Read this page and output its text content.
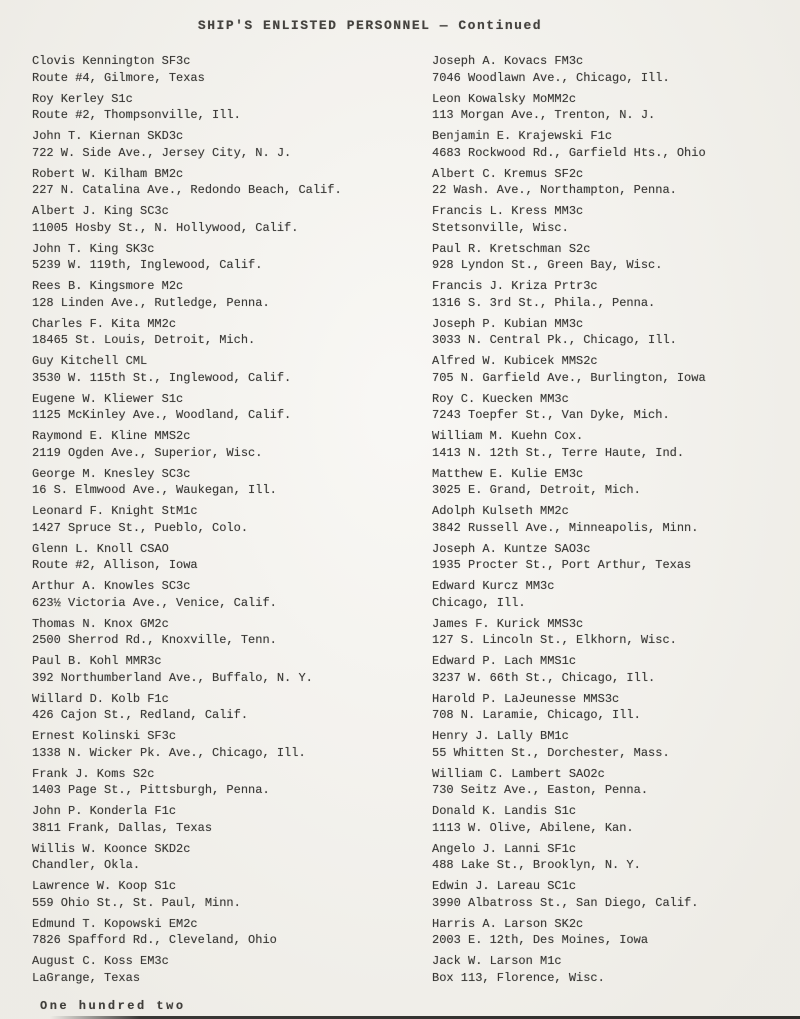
SHIP'S ENLISTED PERSONNEL — Continued
Clovis Kennington SF3c
Route #4, Gilmore, Texas
Roy Kerley S1c
Route #2, Thompsonville, Ill.
John T. Kiernan SKD3c
722 W. Side Ave., Jersey City, N. J.
Robert W. Kilham BM2c
227 N. Catalina Ave., Redondo Beach, Calif.
Albert J. King SC3c
11005 Hosby St., N. Hollywood, Calif.
John T. King SK3c
5239 W. 119th, Inglewood, Calif.
Rees B. Kingsmore M2c
128 Linden Ave., Rutledge, Penna.
Charles F. Kita MM2c
18465 St. Louis, Detroit, Mich.
Guy Kitchell CML
3530 W. 115th St., Inglewood, Calif.
Eugene W. Kliewer S1c
1125 McKinley Ave., Woodland, Calif.
Raymond E. Kline MMS2c
2119 Ogden Ave., Superior, Wisc.
George M. Knesley SC3c
16 S. Elmwood Ave., Waukegan, Ill.
Leonard F. Knight StM1c
1427 Spruce St., Pueblo, Colo.
Glenn L. Knoll CSAO
Route #2, Allison, Iowa
Arthur A. Knowles SC3c
623½ Victoria Ave., Venice, Calif.
Thomas N. Knox GM2c
2500 Sherrod Rd., Knoxville, Tenn.
Paul B. Kohl MMR3c
392 Northumberland Ave., Buffalo, N. Y.
Willard D. Kolb F1c
426 Cajon St., Redland, Calif.
Ernest Kolinski SF3c
1338 N. Wicker Pk. Ave., Chicago, Ill.
Frank J. Koms S2c
1403 Page St., Pittsburgh, Penna.
John P. Konderla F1c
3811 Frank, Dallas, Texas
Willis W. Koonce SKD2c
Chandler, Okla.
Lawrence W. Koop S1c
559 Ohio St., St. Paul, Minn.
Edmund T. Kopowski EM2c
7826 Spafford Rd., Cleveland, Ohio
August C. Koss EM3c
LaGrange, Texas
Joseph A. Kovacs FM3c
7046 Woodlawn Ave., Chicago, Ill.
Leon Kowalsky MoMM2c
113 Morgan Ave., Trenton, N. J.
Benjamin E. Krajewski F1c
4683 Rockwood Rd., Garfield Hts., Ohio
Albert C. Kremus SF2c
22 Wash. Ave., Northampton, Penna.
Francis L. Kress MM3c
Stetsonville, Wisc.
Paul R. Kretschman S2c
928 Lyndon St., Green Bay, Wisc.
Francis J. Kriza Prtr3c
1316 S. 3rd St., Phila., Penna.
Joseph P. Kubian MM3c
3033 N. Central Pk., Chicago, Ill.
Alfred W. Kubicek MMS2c
705 N. Garfield Ave., Burlington, Iowa
Roy C. Kuecken MM3c
7243 Toepfer St., Van Dyke, Mich.
William M. Kuehn Cox.
1413 N. 12th St., Terre Haute, Ind.
Matthew E. Kulie EM3c
3025 E. Grand, Detroit, Mich.
Adolph Kulseth MM2c
3842 Russell Ave., Minneapolis, Minn.
Joseph A. Kuntze SAO3c
1935 Procter St., Port Arthur, Texas
Edward Kurcz MM3c
Chicago, Ill.
James F. Kurick MMS3c
127 S. Lincoln St., Elkhorn, Wisc.
Edward P. Lach MMS1c
3237 W. 66th St., Chicago, Ill.
Harold P. LaJeunesse MMS3c
708 N. Laramie, Chicago, Ill.
Henry J. Lally BM1c
55 Whitten St., Dorchester, Mass.
William C. Lambert SAO2c
730 Seitz Ave., Easton, Penna.
Donald K. Landis S1c
1113 W. Olive, Abilene, Kan.
Angelo J. Lanni SF1c
488 Lake St., Brooklyn, N. Y.
Edwin J. Lareau SC1c
3990 Albatross St., San Diego, Calif.
Harris A. Larson SK2c
2003 E. 12th, Des Moines, Iowa
Jack W. Larson M1c
Box 113, Florence, Wisc.
One hundred two
